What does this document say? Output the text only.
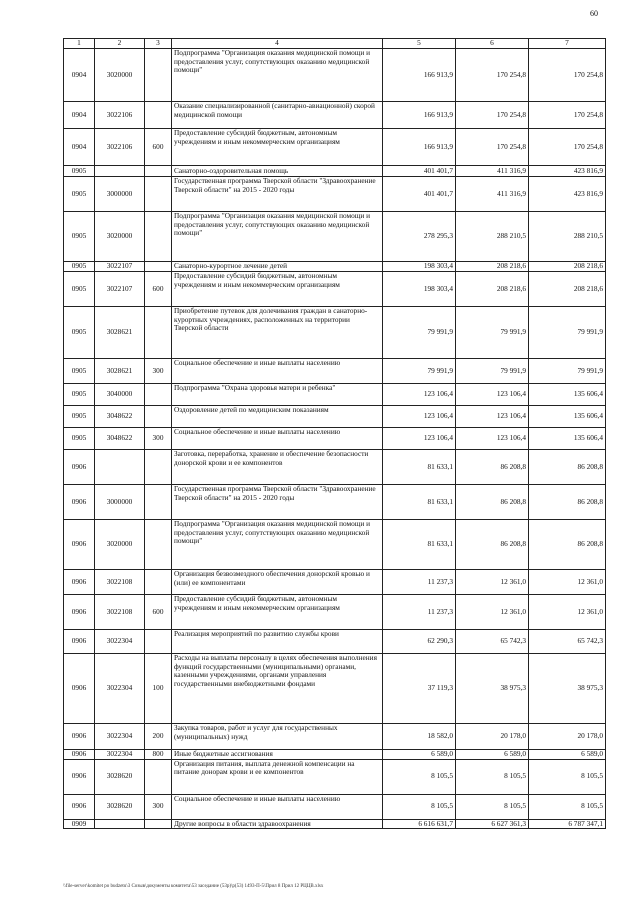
60
1	2	3	4	5	6	7
0904	3020000		Подпрограмма "Организация оказания медицинской помощи и предоставления услуг, сопутствующих оказанию медицинской помощи"	166 913,9	170 254,8	170 254,8
0904	3022106		Оказание специализированной (санитарно-авиационной) скорой медицинской помощи	166 913,9	170 254,8	170 254,8
0904	3022106	600	Предоставление субсидий бюджетным, автономным учреждениям и иным некоммерческим организациям	166 913,9	170 254,8	170 254,8
0905			Санаторно-оздоровительная помощь	401 401,7	411 316,9	423 816,9
0905	3000000		Государственная программа Тверской области "Здравоохранение Тверской области" на 2015 - 2020 годы	401 401,7	411 316,9	423 816,9
0905	3020000		Подпрограмма "Организация оказания медицинской помощи и предоставления услуг, сопутствующих оказанию медицинской помощи"	278 295,3	288 210,5	288 210,5
0905	3022107		Санаторно-курортное лечение детей	198 303,4	208 218,6	208 218,6
0905	3022107	600	Предоставление субсидий бюджетным, автономным учреждениям и иным некоммерческим организациям	198 303,4	208 218,6	208 218,6
0905	3028621		Приобретение путевок для долечивания граждан в санаторно-курортных учреждениях, расположенных на территории Тверской области	79 991,9	79 991,9	79 991,9
0905	3028621	300	Социальное обеспечение и иные выплаты населению	79 991,9	79 991,9	79 991,9
0905	3040000		Подпрограмма "Охрана здоровья матери и ребенка"	123 106,4	123 106,4	135 606,4
0905	3048622		Оздоровление детей по медицинским показаниям	123 106,4	123 106,4	135 606,4
0905	3048622	300	Социальное обеспечение и иные выплаты населению	123 106,4	123 106,4	135 606,4
0906			Заготовка, переработка, хранение и обеспечение безопасности донорской крови и ее компонентов	81 633,1	86 208,8	86 208,8
0906	3000000		Государственная программа Тверской области "Здравоохранение Тверской области" на 2015 - 2020 годы	81 633,1	86 208,8	86 208,8
0906	3020000		Подпрограмма "Организация оказания медицинской помощи и предоставления услуг, сопутствующих оказанию медицинской помощи"	81 633,1	86 208,8	86 208,8
0906	3022108		Организация безвозмездного обеспечения донорской кровью и (или) ее компонентами	11 237,3	12 361,0	12 361,0
0906	3022108	600	Предоставление субсидий бюджетным, автономным учреждениям и иным некоммерческим организациям	11 237,3	12 361,0	12 361,0
0906	3022304		Реализация мероприятий по развитию службы крови	62 290,3	65 742,3	65 742,3
0906	3022304	100	Расходы на выплаты персоналу в целях обеспечения выполнения функций государственными (муниципальными) органами, казенными учреждениями, органами управления государственными внебюджетными фондами	37 119,3	38 975,3	38 975,3
0906	3022304	200	Закупка товаров, работ и услуг для государственных (муниципальных) нужд	18 582,0	20 178,0	20 178,0
0906	3022304	800	Иные бюджетные ассигнования	6 589,0	6 589,0	6 589,0
0906	3028620		Организация питания, выплата денежной компенсации на питание донорам крови и ее компонентов	8 105,5	8 105,5	8 105,5
0906	3028620	300	Социальное обеспечение и иные выплаты населению	8 105,5	8 105,5	8 105,5
0909			Другие вопросы в области здравоохранения	6 616 631,7	6 627 361,3	6 787 347,1
\\file-server\komitet po budzetu\3 Созыв\документы комитета\53 заседание (53р)\р(53) 1493-П-5\Прил 8 Прил 12 РЦЦВ.xlsx
